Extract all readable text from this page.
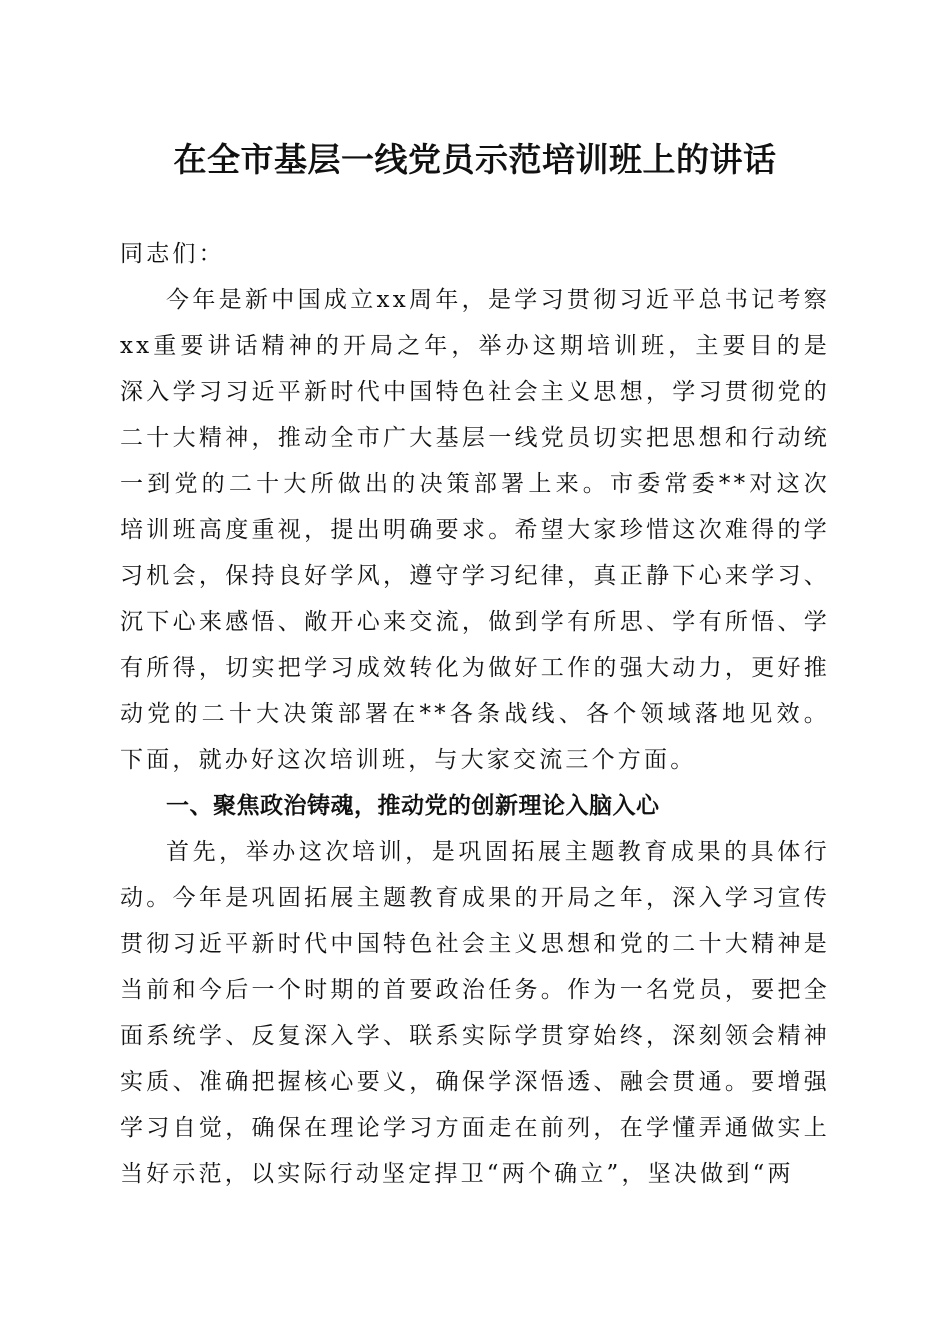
在全市基层一线党员示范培训班上的讲话

同志们：

今年是新中国成立xx周年，是学习贯彻习近平总书记考察xx重要讲话精神的开局之年，举办这期培训班，主要目的是深入学习习近平新时代中国特色社会主义思想，学习贯彻党的二十大精神，推动全市广大基层一线党员切实把思想和行动统一到党的二十大所做出的决策部署上来。市委常委**对这次培训班高度重视，提出明确要求。希望大家珍惜这次难得的学习机会，保持良好学风，遵守学习纪律，真正静下心来学习、沉下心来感悟、敞开心来交流，做到学有所思、学有所悟、学有所得，切实把学习成效转化为做好工作的强大动力，更好推动党的二十大决策部署在**各条战线、各个领域落地见效。下面，就办好这次培训班，与大家交流三个方面。

一、聚焦政治铸魂，推动党的创新理论入脑入心

首先，举办这次培训，是巩固拓展主题教育成果的具体行动。今年是巩固拓展主题教育成果的开局之年，深入学习宣传贯彻习近平新时代中国特色社会主义思想和党的二十大精神是当前和今后一个时期的首要政治任务。作为一名党员，要把全面系统学、反复深入学、联系实际学贯穿始终，深刻领会精神实质、准确把握核心要义，确保学深悟透、融会贯通。要增强学习自觉，确保在理论学习方面走在前列，在学懂弄通做实上当好示范，以实际行动坚定捍卫“两个确立”，坚决做到“两
